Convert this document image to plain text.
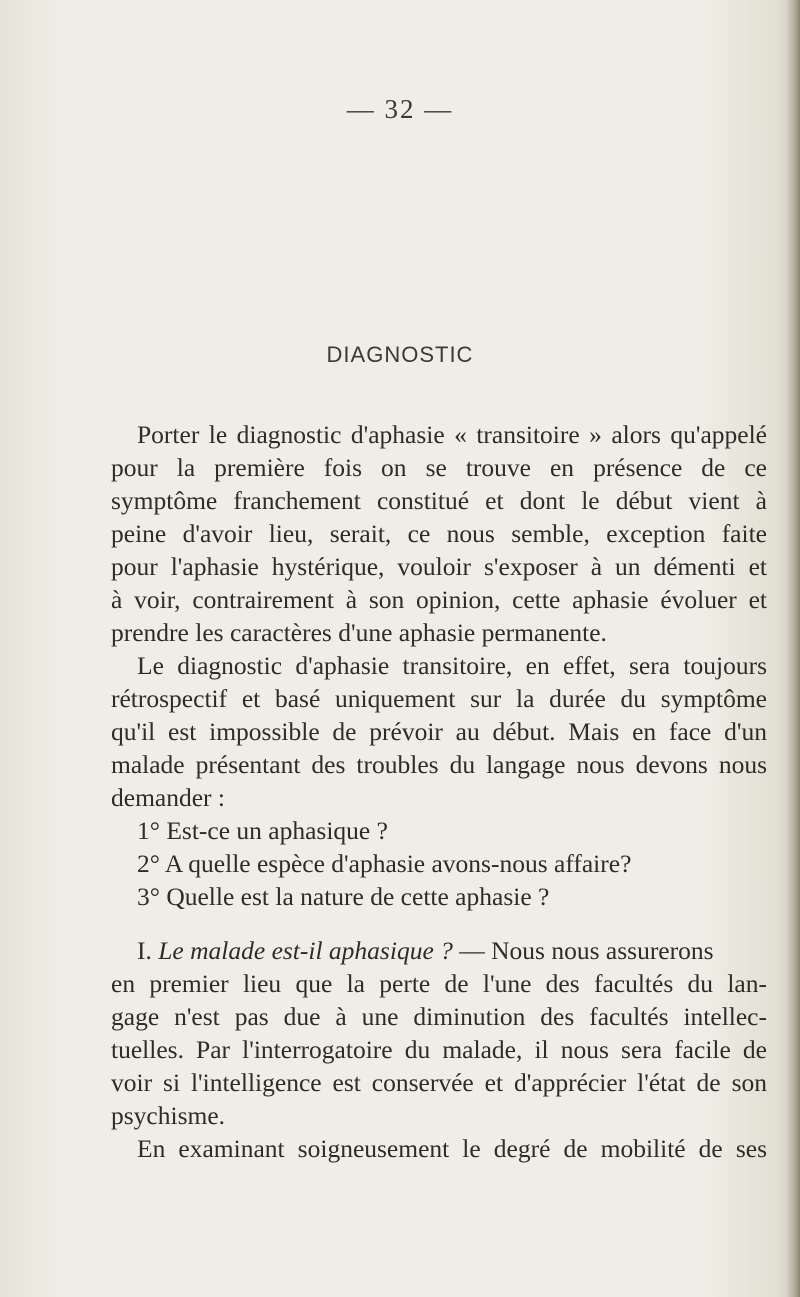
— 32 —
DIAGNOSTIC
Porter le diagnostic d'aphasie « transitoire » alors qu'appelé
pour la première fois on se trouve en présence de ce
symptôme franchement constitué et dont le début vient à
peine d'avoir lieu, serait, ce nous semble, exception faite
pour l'aphasie hystérique, vouloir s'exposer à un démenti et
à voir, contrairement à son opinion, cette aphasie évoluer et
prendre les caractères d'une aphasie permanente.
Le diagnostic d'aphasie transitoire, en effet, sera toujours
rétrospectif et basé uniquement sur la durée du symptôme
qu'il est impossible de prévoir au début. Mais en face d'un
malade présentant des troubles du langage nous devons nous
demander :
1° Est-ce un aphasique ?
2° A quelle espèce d'aphasie avons-nous affaire?
3° Quelle est la nature de cette aphasie ?
I. Le malade est-il aphasique ? — Nous nous assurerons
en premier lieu que la perte de l'une des facultés du lan-
gage n'est pas due à une diminution des facultés intellec-
tuelles. Par l'interrogatoire du malade, il nous sera facile de
voir si l'intelligence est conservée et d'apprécier l'état de son
psychisme.
En examinant soigneusement le degré de mobilité de ses
